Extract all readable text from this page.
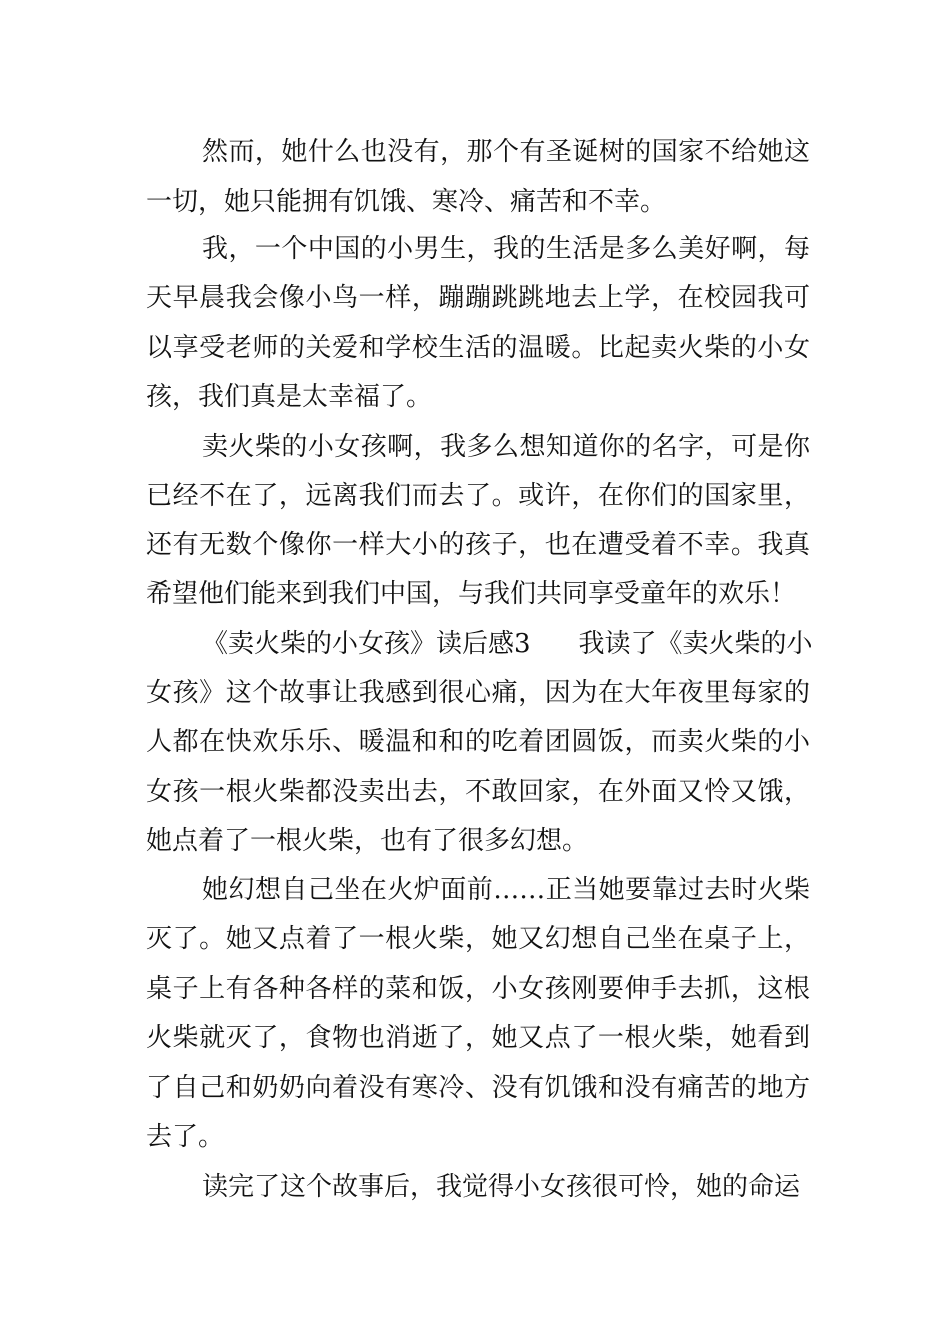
然而，她什么也没有，那个有圣诞树的国家不给她这
一切，她只能拥有饥饿、寒冷、痛苦和不幸。
我，一个中国的小男生，我的生活是多么美好啊，每
天早晨我会像小鸟一样，蹦蹦跳跳地去上学，在校园我可
以享受老师的关爱和学校生活的温暖。比起卖火柴的小女
孩，我们真是太幸福了。
卖火柴的小女孩啊，我多么想知道你的名字，可是你
已经不在了，远离我们而去了。或许，在你们的国家里，
还有无数个像你一样大小的孩子，也在遭受着不幸。我真
希望他们能来到我们中国，与我们共同享受童年的欢乐！
《卖火柴的小女孩》读后感3 我读了《卖火柴的小
女孩》这个故事让我感到很心痛，因为在大年夜里每家的
人都在快欢乐乐、暖温和和的吃着团圆饭，而卖火柴的小
女孩一根火柴都没卖出去，不敢回家，在外面又怜又饿，
她点着了一根火柴，也有了很多幻想。
她幻想自己坐在火炉面前……正当她要靠过去时火柴
灭了。她又点着了一根火柴，她又幻想自己坐在桌子上，
桌子上有各种各样的菜和饭，小女孩刚要伸手去抓，这根
火柴就灭了，食物也消逝了，她又点了一根火柴，她看到
了自己和奶奶向着没有寒冷、没有饥饿和没有痛苦的地方
去了。
读完了这个故事后，我觉得小女孩很可怜，她的命运
